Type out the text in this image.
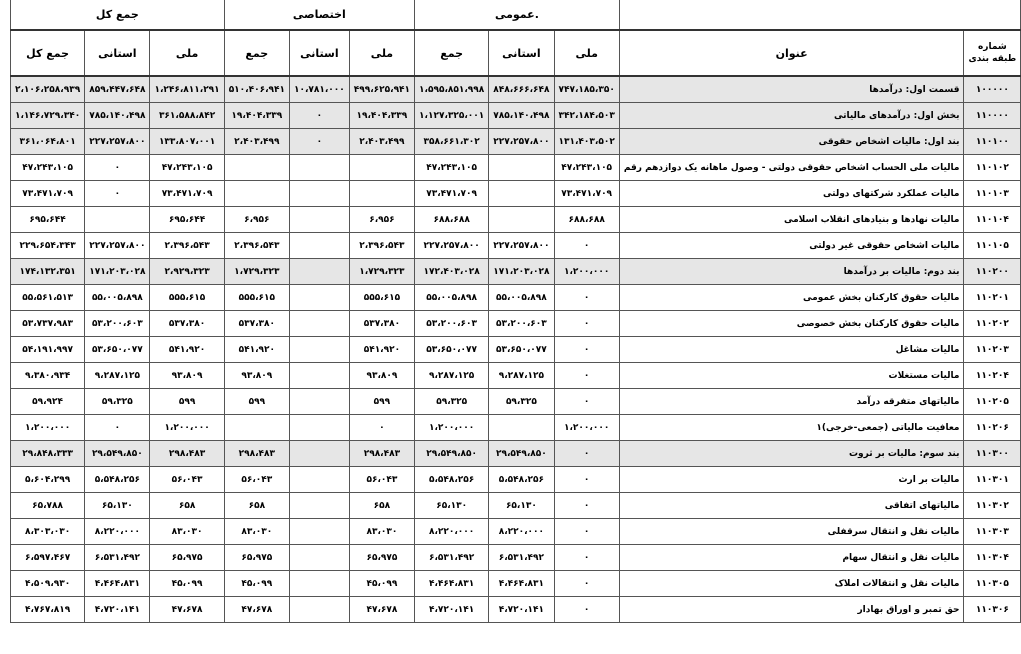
جمع کل			اختصاصی			عمومی.				
جمع کل	استانی	ملی	جمع	استانی	ملی	جمع	استانی	ملی	عنوان	شماره
طبقه بندی

۲،۱۰۶،۲۵۸،۹۳۹	۸۵۹،۴۴۷،۶۴۸	۱،۲۴۶،۸۱۱،۲۹۱	۵۱۰،۴۰۶،۹۴۱	۱۰،۷۸۱،۰۰۰	۴۹۹،۶۲۵،۹۴۱	۱،۵۹۵،۸۵۱،۹۹۸	۸۴۸،۶۶۶،۶۴۸	۷۴۷،۱۸۵،۳۵۰	قسمت اول: درآمدها	۱۰۰۰۰۰
۱،۱۴۶،۷۲۹،۳۴۰	۷۸۵،۱۴۰،۴۹۸	۳۶۱،۵۸۸،۸۴۲	۱۹،۴۰۴،۳۳۹	۰	۱۹،۴۰۴،۳۳۹	۱،۱۲۷،۳۲۵،۰۰۱	۷۸۵،۱۴۰،۴۹۸	۳۴۲،۱۸۴،۵۰۳	بخش اول: درآمدهای مالیاتی	۱۱۰۰۰۰
۳۶۱،۰۶۴،۸۰۱	۲۲۷،۲۵۷،۸۰۰	۱۳۳،۸۰۷،۰۰۱	۲،۴۰۳،۴۹۹	۰	۲،۴۰۳،۴۹۹	۳۵۸،۶۶۱،۳۰۲	۲۲۷،۲۵۷،۸۰۰	۱۳۱،۴۰۳،۵۰۲	بند اول: مالیات اشخاص حقوقی	۱۱۰۱۰۰
۴۷،۲۴۳،۱۰۵	۰	۴۷،۲۴۳،۱۰۵				۴۷،۲۴۳،۱۰۵		۴۷،۲۴۳،۱۰۵	مالیات ملی الحساب اشخاص حقوقی دولتی - وصول ماهانه یک دوازدهم رقم	۱۱۰۱۰۲
۷۳،۴۷۱،۷۰۹	۰	۷۳،۴۷۱،۷۰۹				۷۳،۴۷۱،۷۰۹		۷۳،۴۷۱،۷۰۹	مالیات عملکرد شرکتهای دولتی	۱۱۰۱۰۳
۶۹۵،۶۴۴		۶۹۵،۶۴۴	۶،۹۵۶		۶،۹۵۶	۶۸۸،۶۸۸		۶۸۸،۶۸۸	مالیات نهادها و بنیادهای انقلاب اسلامی	۱۱۰۱۰۴
۲۲۹،۶۵۴،۳۴۳	۲۲۷،۲۵۷،۸۰۰	۲،۳۹۶،۵۴۳	۲،۳۹۶،۵۴۳		۲،۳۹۶،۵۴۳	۲۲۷،۲۵۷،۸۰۰	۲۲۷،۲۵۷،۸۰۰	۰	مالیات اشخاص حقوقی غیر دولتی	۱۱۰۱۰۵
۱۷۴،۱۳۲،۳۵۱	۱۷۱،۲۰۳،۰۲۸	۲،۹۲۹،۳۲۳	۱،۷۲۹،۳۲۳		۱،۷۲۹،۳۲۳	۱۷۲،۴۰۳،۰۲۸	۱۷۱،۲۰۳،۰۲۸	۱،۲۰۰،۰۰۰	بند دوم: مالیات بر درآمدها	۱۱۰۲۰۰
۵۵،۵۶۱،۵۱۳	۵۵،۰۰۵،۸۹۸	۵۵۵،۶۱۵	۵۵۵،۶۱۵		۵۵۵،۶۱۵	۵۵،۰۰۵،۸۹۸	۵۵،۰۰۵،۸۹۸	۰	مالیات حقوق کارکنان بخش عمومی	۱۱۰۲۰۱
۵۳،۷۳۷،۹۸۳	۵۳،۲۰۰،۶۰۳	۵۳۷،۳۸۰	۵۳۷،۳۸۰		۵۳۷،۳۸۰	۵۳،۲۰۰،۶۰۳	۵۳،۲۰۰،۶۰۳	۰	مالیات حقوق کارکنان بخش خصوصی	۱۱۰۲۰۲
۵۴،۱۹۱،۹۹۷	۵۳،۶۵۰،۰۷۷	۵۴۱،۹۲۰	۵۴۱،۹۲۰		۵۴۱،۹۲۰	۵۳،۶۵۰،۰۷۷	۵۳،۶۵۰،۰۷۷	۰	مالیات مشاغل	۱۱۰۲۰۳
۹،۳۸۰،۹۳۴	۹،۲۸۷،۱۲۵	۹۳،۸۰۹	۹۳،۸۰۹		۹۳،۸۰۹	۹،۲۸۷،۱۲۵	۹،۲۸۷،۱۲۵	۰	مالیات مستغلات	۱۱۰۲۰۴
۵۹،۹۲۴	۵۹،۳۲۵	۵۹۹	۵۹۹		۵۹۹	۵۹،۳۲۵	۵۹،۳۲۵	۰	مالیاتهای متفرقه درآمد	۱۱۰۲۰۵
۱،۲۰۰،۰۰۰	۰	۱،۲۰۰،۰۰۰			۰	۱،۲۰۰،۰۰۰		۱،۲۰۰،۰۰۰	معافیت مالیاتی (جمعی-خرجی)۱	۱۱۰۲۰۶
۲۹،۸۴۸،۳۳۳	۲۹،۵۴۹،۸۵۰	۲۹۸،۴۸۳	۲۹۸،۴۸۳		۲۹۸،۴۸۳	۲۹،۵۴۹،۸۵۰	۲۹،۵۴۹،۸۵۰	۰	بند سوم: مالیات بر ثروت	۱۱۰۳۰۰
۵،۶۰۴،۲۹۹	۵،۵۴۸،۲۵۶	۵۶،۰۴۳	۵۶،۰۴۳		۵۶،۰۴۳	۵،۵۴۸،۲۵۶	۵،۵۴۸،۲۵۶	۰	مالیات بر ارث	۱۱۰۳۰۱
۶۵،۷۸۸	۶۵،۱۳۰	۶۵۸	۶۵۸		۶۵۸	۶۵،۱۳۰	۶۵،۱۳۰	۰	مالیاتهای اتفاقی	۱۱۰۳۰۲
۸،۳۰۳،۰۳۰	۸،۲۲۰،۰۰۰	۸۳،۰۳۰	۸۳،۰۳۰		۸۳،۰۳۰	۸،۲۲۰،۰۰۰	۸،۲۲۰،۰۰۰	۰	مالیات نقل و انتقال سرقفلی	۱۱۰۳۰۳
۶،۵۹۷،۴۶۷	۶،۵۳۱،۴۹۲	۶۵،۹۷۵	۶۵،۹۷۵		۶۵،۹۷۵	۶،۵۳۱،۴۹۲	۶،۵۳۱،۴۹۲	۰	مالیات نقل و انتقال سهام	۱۱۰۳۰۴
۴،۵۰۹،۹۳۰	۴،۴۶۴،۸۳۱	۴۵،۰۹۹	۴۵،۰۹۹		۴۵،۰۹۹	۴،۴۶۴،۸۳۱	۴،۴۶۴،۸۳۱	۰	مالیات نقل و انتقالات املاک	۱۱۰۳۰۵
۴،۷۶۷،۸۱۹	۴،۷۲۰،۱۴۱	۴۷،۶۷۸	۴۷،۶۷۸		۴۷،۶۷۸	۴،۷۲۰،۱۴۱	۴،۷۲۰،۱۴۱	۰	حق تمبر و اوراق بهادار	۱۱۰۳۰۶
